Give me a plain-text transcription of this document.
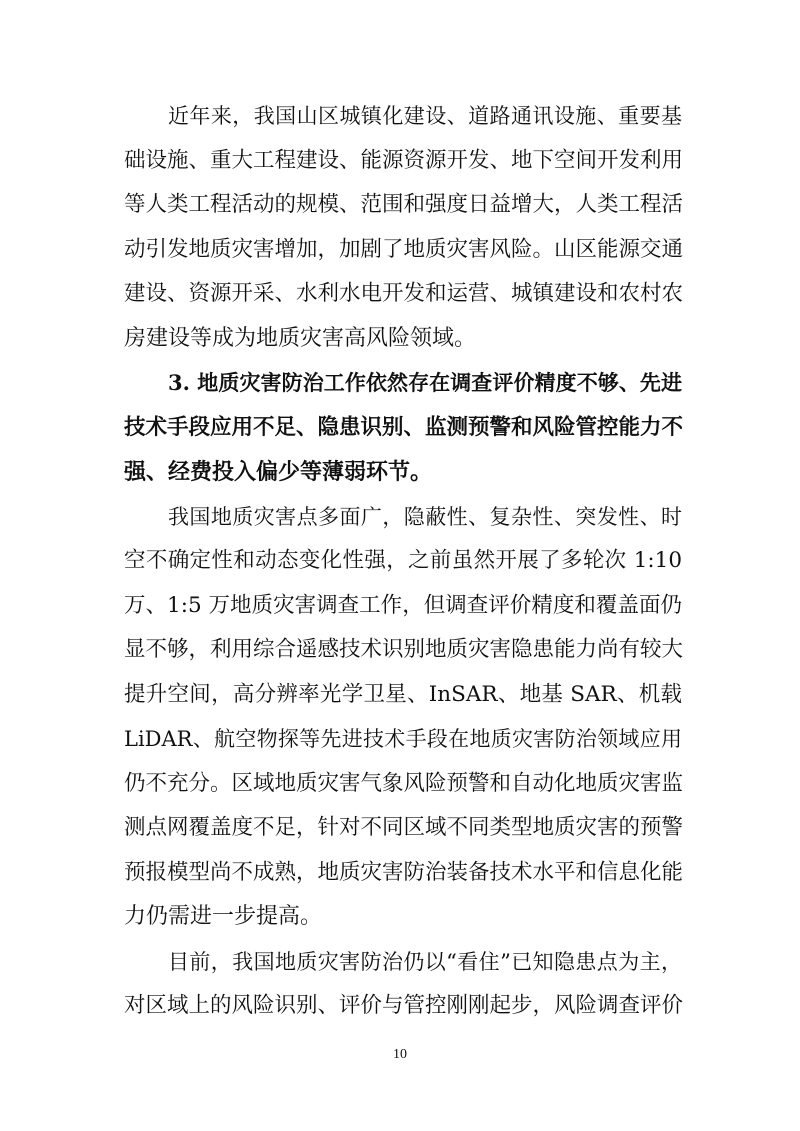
近年来，我国山区城镇化建设、道路通讯设施、重要基
础设施、重大工程建设、能源资源开发、地下空间开发利用
等人类工程活动的规模、范围和强度日益增大，人类工程活
动引发地质灾害增加，加剧了地质灾害风险。山区能源交通
建设、资源开采、水利水电开发和运营、城镇建设和农村农
房建设等成为地质灾害高风险领域。
3. 地质灾害防治工作依然存在调查评价精度不够、先进
技术手段应用不足、隐患识别、监测预警和风险管控能力不
强、经费投入偏少等薄弱环节。
我国地质灾害点多面广，隐蔽性、复杂性、突发性、时
空不确定性和动态变化性强，之前虽然开展了多轮次 1:10
万、1:5 万地质灾害调查工作，但调查评价精度和覆盖面仍
显不够，利用综合遥感技术识别地质灾害隐患能力尚有较大
提升空间，高分辨率光学卫星、InSAR、地基 SAR、机载
LiDAR、航空物探等先进技术手段在地质灾害防治领域应用
仍不充分。区域地质灾害气象风险预警和自动化地质灾害监
测点网覆盖度不足，针对不同区域不同类型地质灾害的预警
预报模型尚不成熟，地质灾害防治装备技术水平和信息化能
力仍需进一步提高。
目前，我国地质灾害防治仍以“看住”已知隐患点为主，
对区域上的风险识别、评价与管控刚刚起步，风险调查评价
10
